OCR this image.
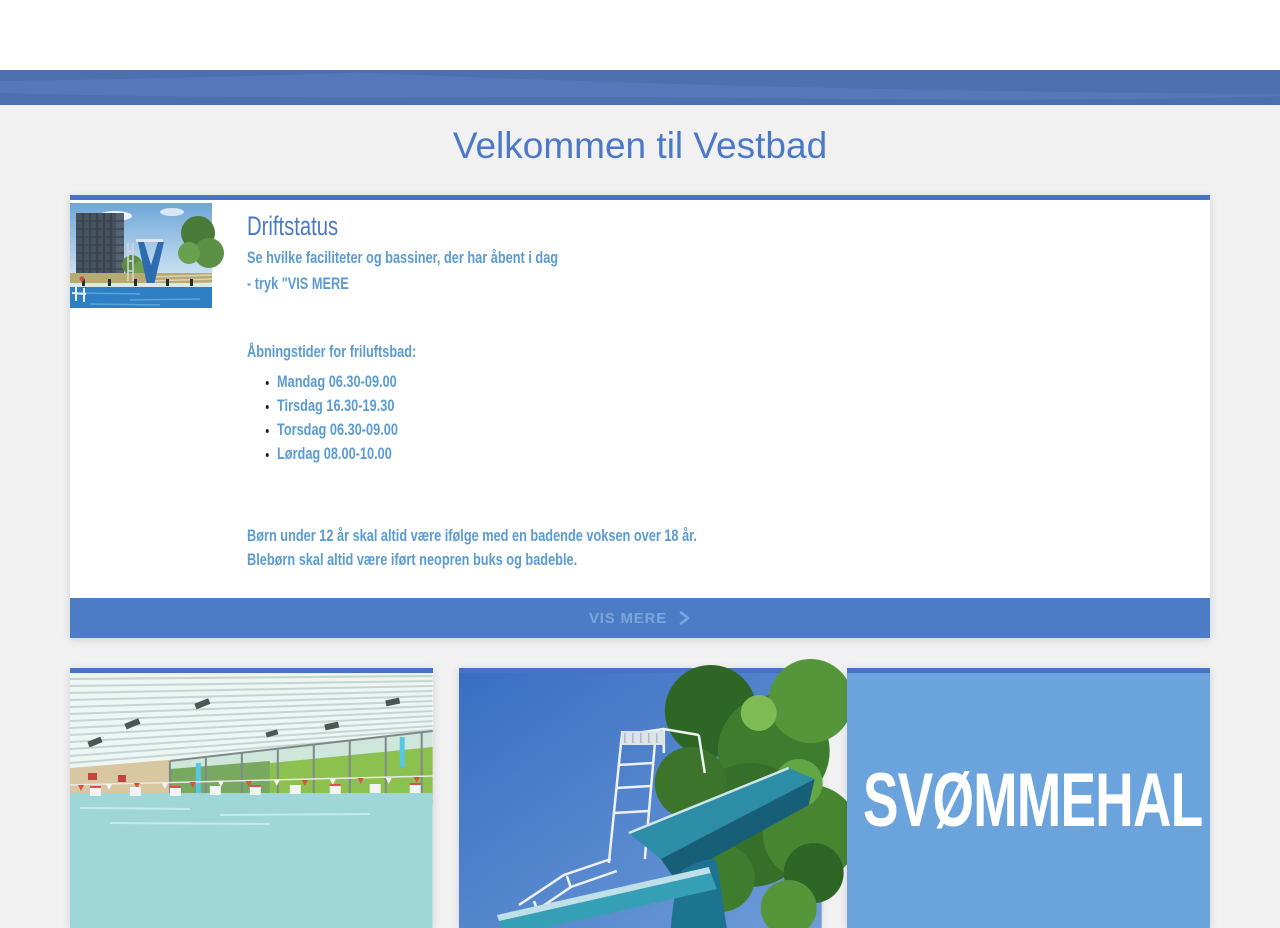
Velkommen til Vestbad
Driftstatus

Se hvilke faciliteter og bassiner, der har åbent i dag

- tryk "VIS MERE

Åbningstider for friluftsbad:

• Mandag 06.30-09.00
• Tirsdag 16.30-19.30
• Torsdag 06.30-09.00
• Lørdag 08.00-10.00

Børn under 12 år skal altid være ifølge med en badende voksen over 18 år.

Blebørn skal altid være iført neopren buks og badeble.

VIS MERE
SVØMMEHAL
